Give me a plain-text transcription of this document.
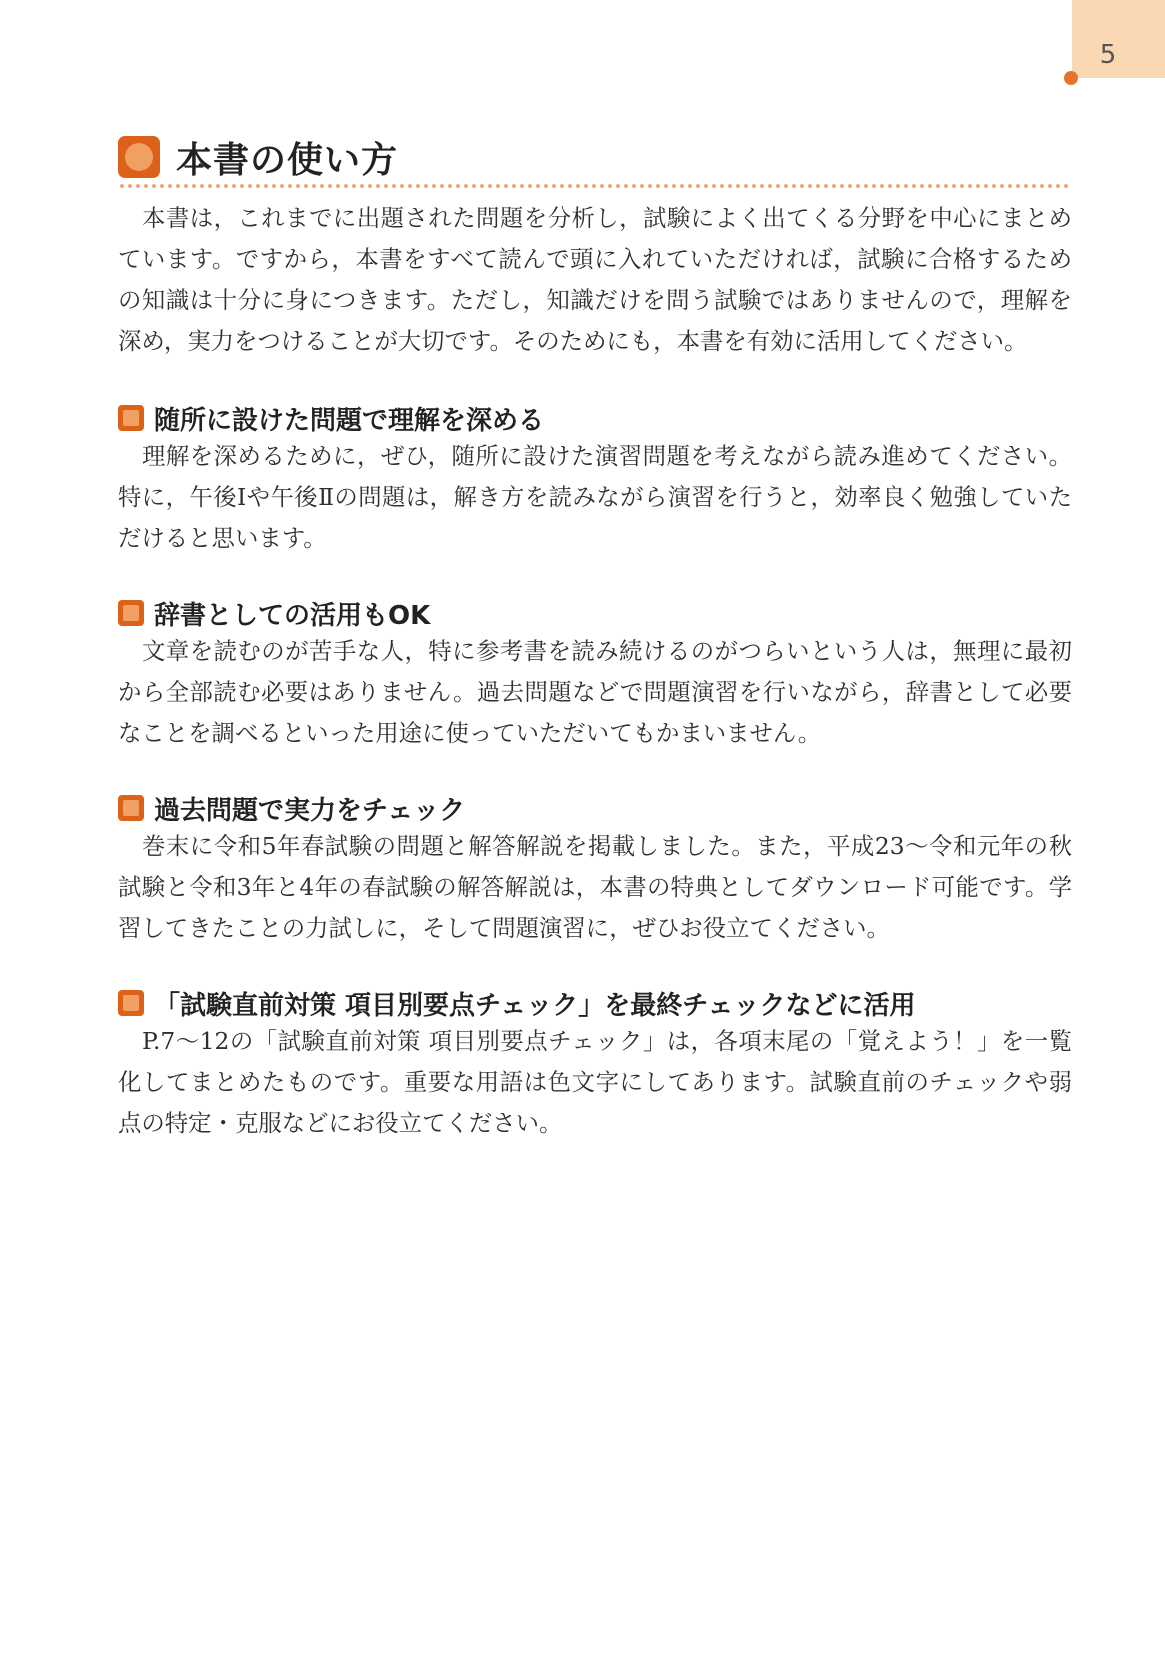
5
本書の使い方

本書は，これまでに出題された問題を分析し，試験によく出てくる分野を中心にまとめています。ですから，本書をすべて読んで頭に入れていただければ，試験に合格するための知識は十分に身につきます。ただし，知識だけを問う試験ではありませんので，理解を深め，実力をつけることが大切です。そのためにも，本書を有効に活用してください。

随所に設けた問題で理解を深める

理解を深めるために，ぜひ，随所に設けた演習問題を考えながら読み進めてください。特に，午後Ⅰや午後Ⅱの問題は，解き方を読みながら演習を行うと，効率良く勉強していただけると思います。

辞書としての活用もOK

文章を読むのが苦手な人，特に参考書を読み続けるのがつらいという人は，無理に最初から全部読む必要はありません。過去問題などで問題演習を行いながら，辞書として必要なことを調べるといった用途に使っていただいてもかまいません。

過去問題で実力をチェック

巻末に令和5年春試験の問題と解答解説を掲載しました。また，平成23～令和元年の秋試験と令和3年と4年の春試験の解答解説は，本書の特典としてダウンロード可能です。学習してきたことの力試しに，そして問題演習に，ぜひお役立てください。

「試験直前対策 項目別要点チェック」を最終チェックなどに活用

P.7～12の「試験直前対策 項目別要点チェック」は，各項末尾の「覚えよう！」を一覧化してまとめたものです。重要な用語は色文字にしてあります。試験直前のチェックや弱点の特定・克服などにお役立てください。
